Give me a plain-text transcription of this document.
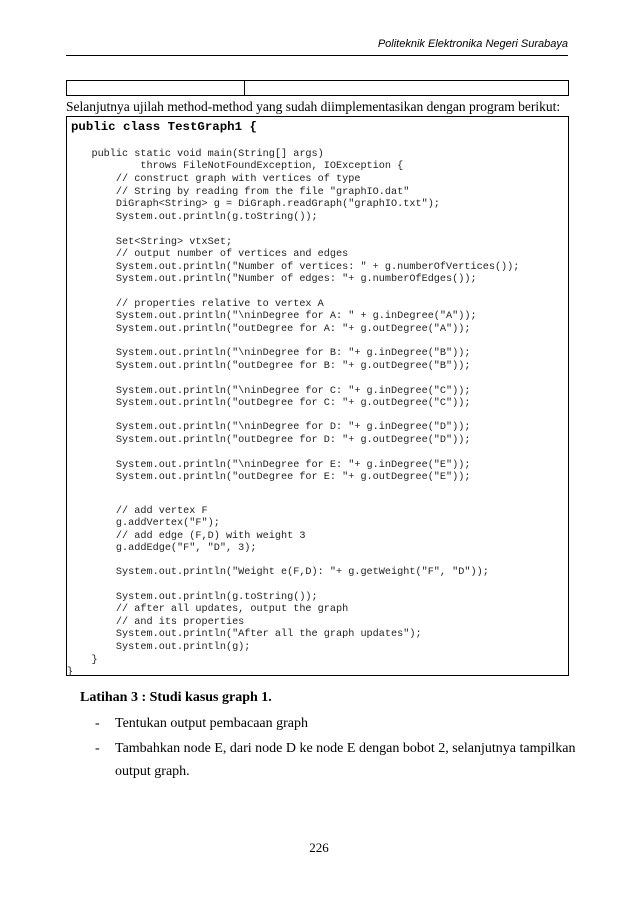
Politeknik Elektronika Negeri Surabaya
Selanjutnya ujilah method-method yang sudah diimplementasikan dengan program berikut:
public class TestGraph1 {
public static void main(String[] args)
throws FileNotFoundException, IOException {
// construct graph with vertices of type
// String by reading from the file "graphIO.dat"
DiGraph<String> g = DiGraph.readGraph("graphIO.txt");
System.out.println(g.toString());
Set<String> vtxSet;
// output number of vertices and edges
System.out.println("Number of vertices: " + g.numberOfVertices());
System.out.println("Number of edges: "+ g.numberOfEdges());
// properties relative to vertex A
System.out.println("\ninDegree for A: " + g.inDegree("A"));
System.out.println("outDegree for A: "+ g.outDegree("A"));
System.out.println("\ninDegree for B: "+ g.inDegree("B"));
System.out.println("outDegree for B: "+ g.outDegree("B"));
System.out.println("\ninDegree for C: "+ g.inDegree("C"));
System.out.println("outDegree for C: "+ g.outDegree("C"));
System.out.println("\ninDegree for D: "+ g.inDegree("D"));
System.out.println("outDegree for D: "+ g.outDegree("D"));
System.out.println("\ninDegree for E: "+ g.inDegree("E"));
System.out.println("outDegree for E: "+ g.outDegree("E"));
// add vertex F
g.addVertex("F");
// add edge (F,D) with weight 3
g.addEdge("F", "D", 3);
System.out.println("Weight e(F,D): "+ g.getWeight("F", "D"));
System.out.println(g.toString());
// after all updates, output the graph
// and its properties
System.out.println("After all the graph updates");
System.out.println(g);
}
}
Latihan 3 : Studi kasus graph 1.
- Tentukan output pembacaan graph
- Tambahkan node E, dari node D ke node E dengan bobot 2, selanjutnya tampilkan
output graph.
226
